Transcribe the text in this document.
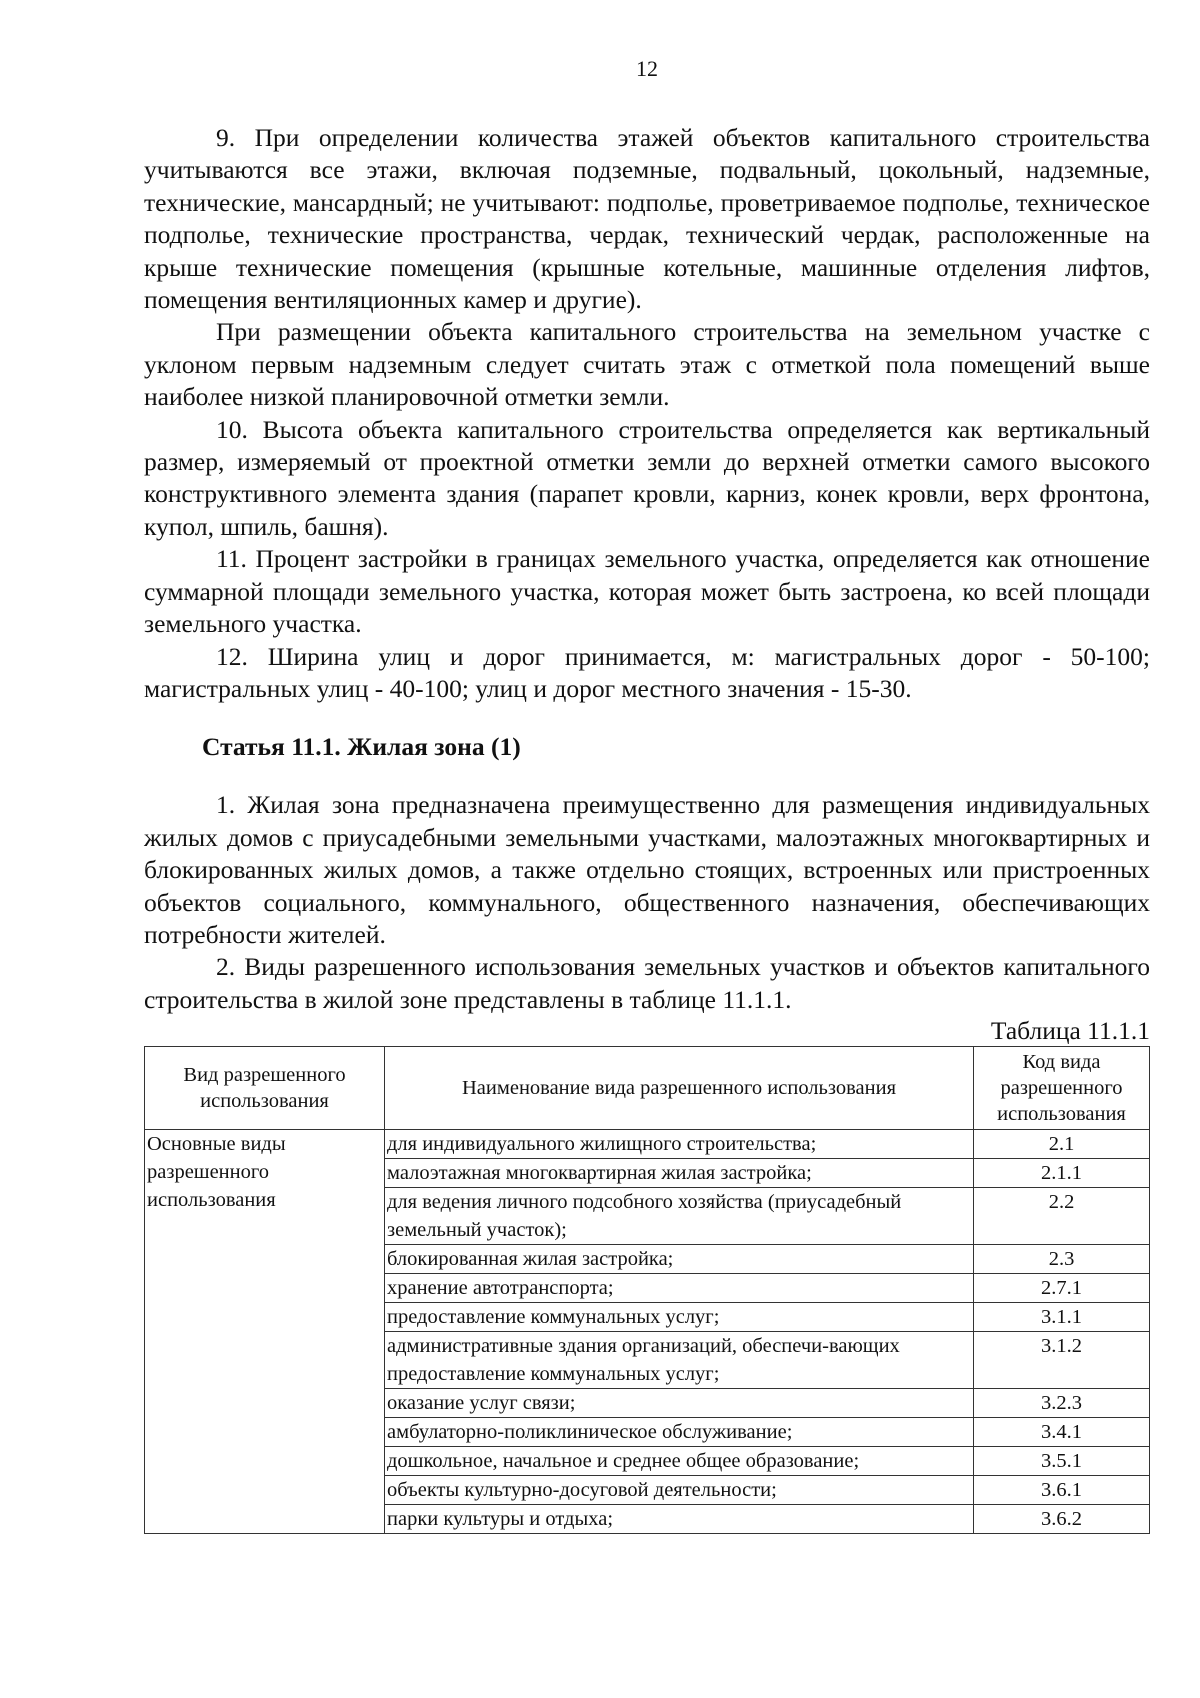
12

9. При определении количества этажей объектов капитального строительства учитываются все этажи, включая подземные, подвальный, цокольный, надземные, технические, мансардный; не учитывают: подполье, проветриваемое подполье, техническое подполье, технические пространства, чердак, технический чердак, расположенные на крыше технические помещения (крышные котельные, машинные отделения лифтов, помещения вентиляционных камер и другие).

При размещении объекта капитального строительства на земельном участке с уклоном первым надземным следует считать этаж с отметкой пола помещений выше наиболее низкой планировочной отметки земли.

10. Высота объекта капитального строительства определяется как вертикальный размер, измеряемый от проектной отметки земли до верхней отметки самого высокого конструктивного элемента здания (парапет кровли, карниз, конек кровли, верх фронтона, купол, шпиль, башня).

11. Процент застройки в границах земельного участка, определяется как отношение суммарной площади земельного участка, которая может быть застроена, ко всей площади земельного участка.

12. Ширина улиц и дорог принимается, м: магистральных дорог - 50-100; магистральных улиц - 40-100; улиц и дорог местного значения - 15-30.

Статья 11.1. Жилая зона (1)

1. Жилая зона предназначена преимущественно для размещения индивидуальных жилых домов с приусадебными земельными участками, малоэтажных многоквартирных и блокированных жилых домов, а также отдельно стоящих, встроенных или пристроенных объектов социального, коммунального, общественного назначения, обеспечивающих потребности жителей.

2. Виды разрешенного использования земельных участков и объектов капитального строительства в жилой зоне представлены в таблице 11.1.1.

Таблица 11.1.1
Вид разрешенного использования	Наименование вида разрешенного использования	Код вида разрешенного использования
Основные виды разрешенного использования	для индивидуального жилищного строительства;	2.1
	малоэтажная многоквартирная жилая застройка;	2.1.1
	для ведения личного подсобного хозяйства (приусадебный земельный участок);	2.2
	блокированная жилая застройка;	2.3
	хранение автотранспорта;	2.7.1
	предоставление коммунальных услуг;	3.1.1
	административные здания организаций, обеспечи-вающих предоставление коммунальных услуг;	3.1.2
	оказание услуг связи;	3.2.3
	амбулаторно-поликлиническое обслуживание;	3.4.1
	дошкольное, начальное и среднее общее образование;	3.5.1
	объекты культурно-досуговой деятельности;	3.6.1
	парки культуры и отдыха;	3.6.2
